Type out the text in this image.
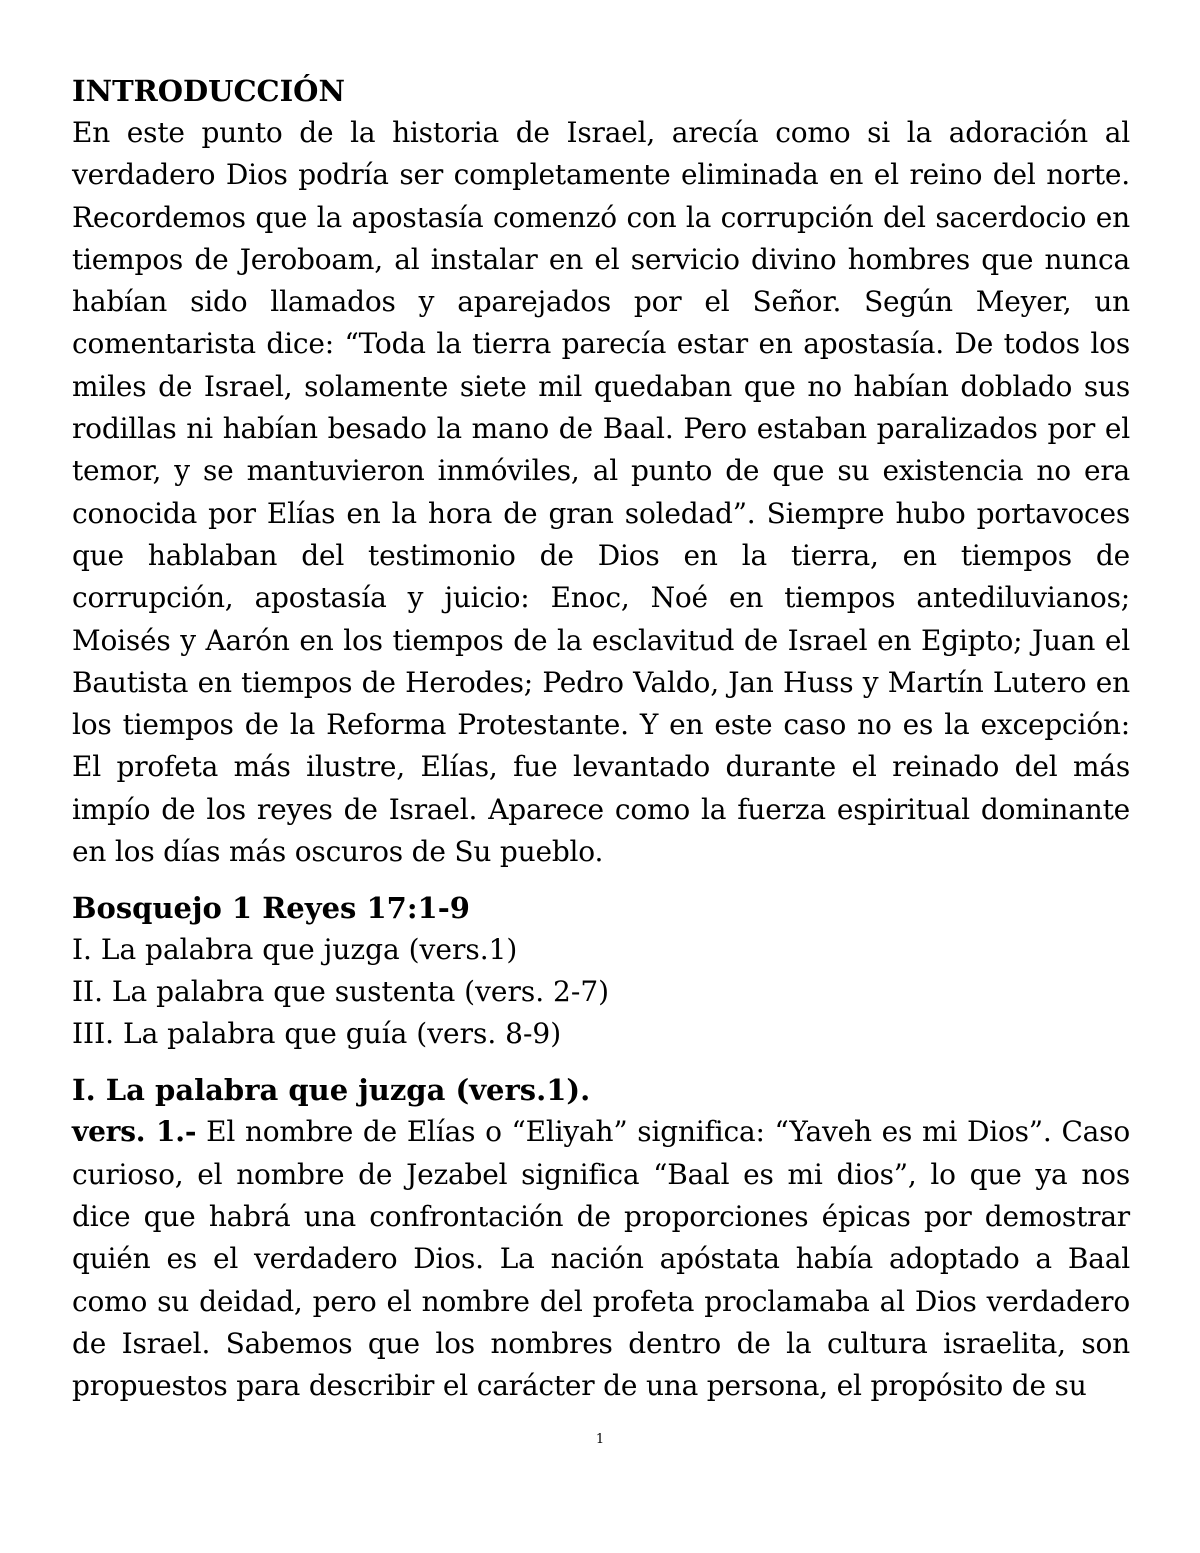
INTRODUCCIÓN

En este punto de la historia de Israel, arecía como si la adoración al verdadero Dios podría ser completamente eliminada en el reino del norte. Recordemos que la apostasía comenzó con la corrupción del sacerdocio en tiempos de Jeroboam, al instalar en el servicio divino hombres que nunca habían sido llamados y aparejados por el Señor. Según Meyer, un comentarista dice: “Toda la tierra parecía estar en apostasía. De todos los miles de Israel, solamente siete mil quedaban que no habían doblado sus rodillas ni habían besado la mano de Baal. Pero estaban paralizados por el temor, y se mantuvieron inmóviles, al punto de que su existencia no era conocida por Elías en la hora de gran soledad”. Siempre hubo portavoces que hablaban del testimonio de Dios en la tierra, en tiempos de corrupción, apostasía y juicio: Enoc, Noé en tiempos antediluvianos; Moisés y Aarón en los tiempos de la esclavitud de Israel en Egipto; Juan el Bautista en tiempos de Herodes; Pedro Valdo, Jan Huss y Martín Lutero en los tiempos de la Reforma Protestante. Y en este caso no es la excepción: El profeta más ilustre, Elías, fue levantado durante el reinado del más impío de los reyes de Israel. Aparece como la fuerza espiritual dominante en los días más oscuros de Su pueblo.

Bosquejo 1 Reyes 17:1-9

I. La palabra que juzga (vers.1)

II. La palabra que sustenta (vers. 2-7)

III. La palabra que guía (vers. 8-9)

I. La palabra que juzga (vers.1).

vers. 1.- El nombre de Elías o “Eliyah” significa: “Yaveh es mi Dios”. Caso curioso, el nombre de Jezabel significa “Baal es mi dios”, lo que ya nos dice que habrá una confrontación de proporciones épicas por demostrar quién es el verdadero Dios. La nación apóstata había adoptado a Baal como su deidad, pero el nombre del profeta proclamaba al Dios verdadero de Israel. Sabemos que los nombres dentro de la cultura israelita, son propuestos para describir el carácter de una persona, el propósito de su

1
